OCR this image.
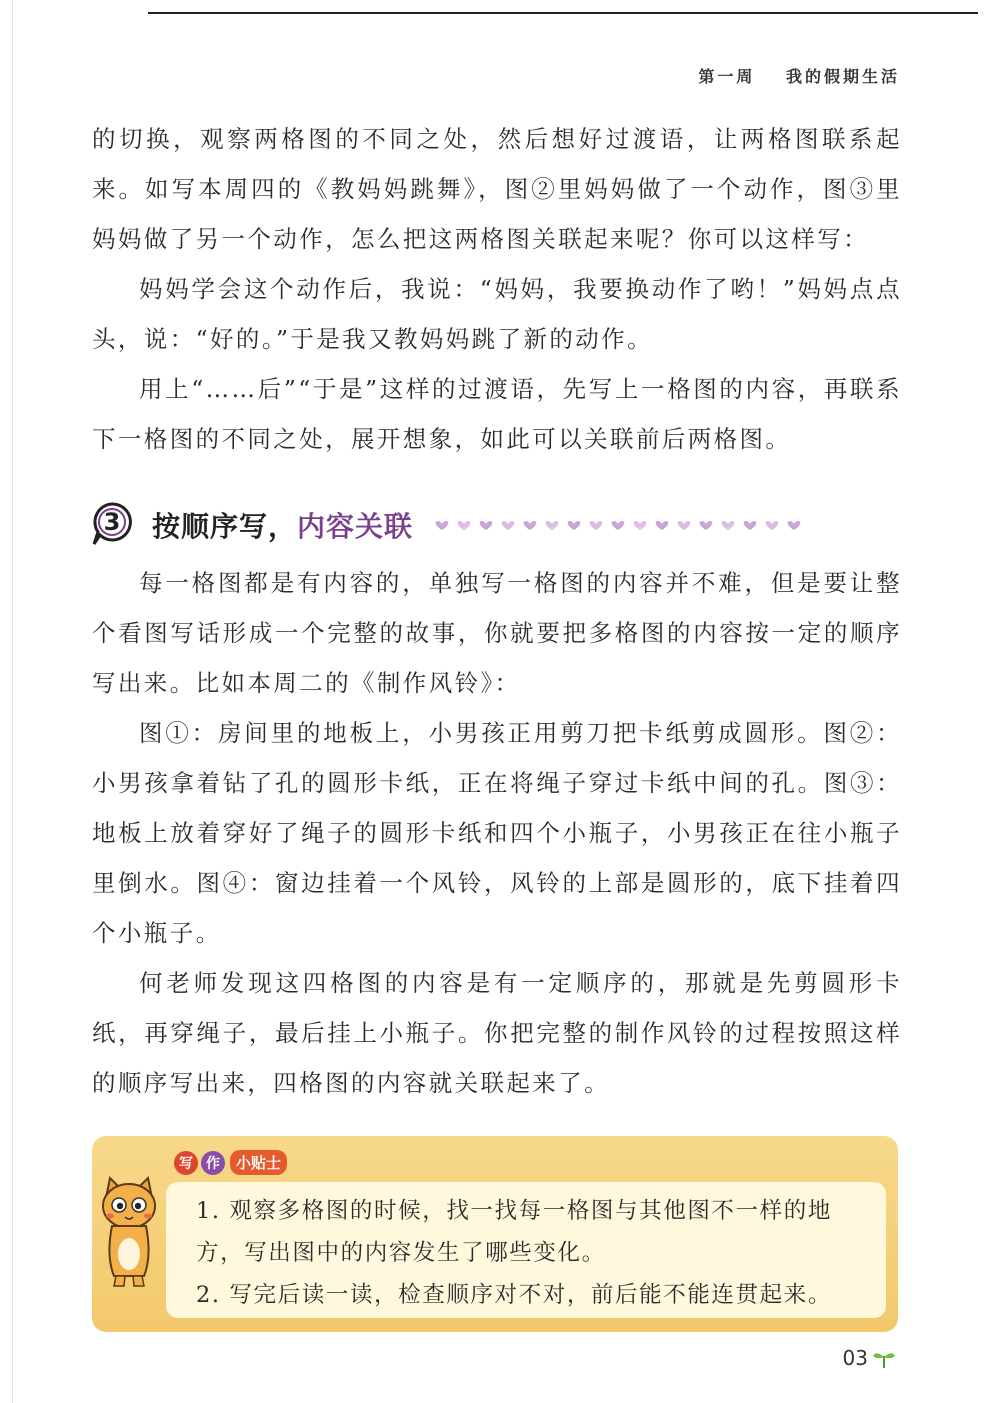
第一周 我的假期生活

的切换，观察两格图的不同之处，然后想好过渡语，让两格图联系起来。如写本周四的《教妈妈跳舞》，图②里妈妈做了一个动作，图③里妈妈做了另一个动作，怎么把这两格图关联起来呢？你可以这样写：

妈妈学会这个动作后，我说：“妈妈，我要换动作了哟！”妈妈点点头，说：“好的。”于是我又教妈妈跳了新的动作。

用上“……后”“于是”这样的过渡语，先写上一格图的内容，再联系下一格图的不同之处，展开想象，如此可以关联前后两格图。

3	按顺序写，内容关联

每一格图都是有内容的，单独写一格图的内容并不难，但是要让整个看图写话形成一个完整的故事，你就要把多格图的内容按一定的顺序写出来。比如本周二的《制作风铃》：

图①：房间里的地板上，小男孩正用剪刀把卡纸剪成圆形。图②：小男孩拿着钻了孔的圆形卡纸，正在将绳子穿过卡纸中间的孔。图③：地板上放着穿好了绳子的圆形卡纸和四个小瓶子，小男孩正在往小瓶子里倒水。图④：窗边挂着一个风铃，风铃的上部是圆形的，底下挂着四个小瓶子。

何老师发现这四格图的内容是有一定顺序的，那就是先剪圆形卡纸，再穿绳子，最后挂上小瓶子。你把完整的制作风铃的过程按照这样的顺序写出来，四格图的内容就关联起来了。

写 作	小贴士

1. 观察多格图的时候，找一找每一格图与其他图不一样的地方，写出图中的内容发生了哪些变化。

2. 写完后读一读，检查顺序对不对，前后能不能连贯起来。

03
